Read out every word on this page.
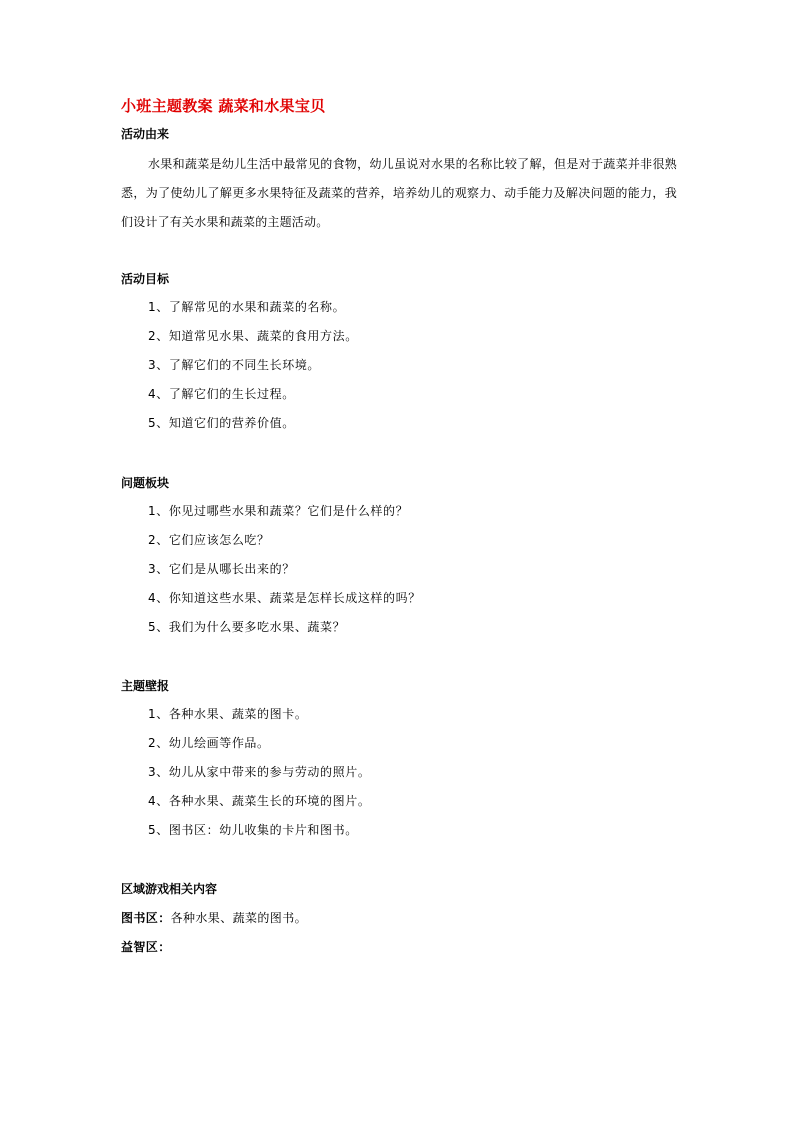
小班主题教案 蔬菜和水果宝贝
活动由来
水果和蔬菜是幼儿生活中最常见的食物，幼儿虽说对水果的名称比较了解，但是对于蔬菜并非很熟悉，为了使幼儿了解更多水果特征及蔬菜的营养，培养幼儿的观察力、动手能力及解决问题的能力，我们设计了有关水果和蔬菜的主题活动。
活动目标
1、了解常见的水果和蔬菜的名称。
2、知道常见水果、蔬菜的食用方法。
3、了解它们的不同生长环境。
4、了解它们的生长过程。
5、知道它们的营养价值。
问题板块
1、你见过哪些水果和蔬菜？它们是什么样的？
2、它们应该怎么吃？
3、它们是从哪长出来的？
4、你知道这些水果、蔬菜是怎样长成这样的吗？
5、我们为什么要多吃水果、蔬菜？
主题壁报
1、各种水果、蔬菜的图卡。
2、幼儿绘画等作品。
3、幼儿从家中带来的参与劳动的照片。
4、各种水果、蔬菜生长的环境的图片。
5、图书区：幼儿收集的卡片和图书。
区域游戏相关内容
图书区：各种水果、蔬菜的图书。
益智区：
